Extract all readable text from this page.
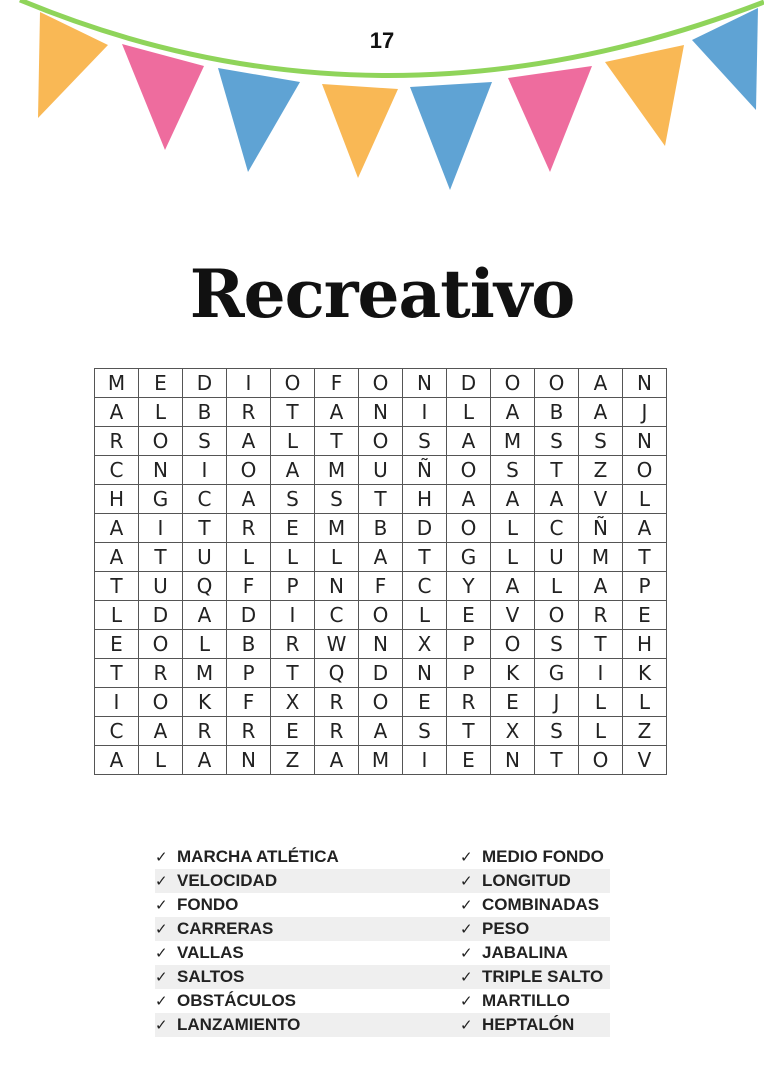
17
Recreativo
M	E	D	I	O	F	O	N	D	O	O	A	N
A	L	B	R	T	A	N	I	L	A	B	A	J
R	O	S	A	L	T	O	S	A	M	S	S	N
C	N	I	O	A	M	U	Ñ	O	S	T	Z	O
H	G	C	A	S	S	T	H	A	A	A	V	L
A	I	T	R	E	M	B	D	O	L	C	Ñ	A
A	T	U	L	L	L	A	T	G	L	U	M	T
T	U	Q	F	P	N	F	C	Y	A	L	A	P
L	D	A	D	I	C	O	L	E	V	O	R	E
E	O	L	B	R	W	N	X	P	O	S	T	H
T	R	M	P	T	Q	D	N	P	K	G	I	K
I	O	K	F	X	R	O	E	R	E	J	L	L
C	A	R	R	E	R	A	S	T	X	S	L	Z
A	L	A	N	Z	A	M	I	E	N	T	O	V
✓ MARCHA ATLÉTICA	✓ MEDIO FONDO
✓ VELOCIDAD	✓ LONGITUD
✓ FONDO	✓ COMBINADAS
✓ CARRERAS	✓ PESO
✓ VALLAS	✓ JABALINA
✓ SALTOS	✓ TRIPLE SALTO
✓ OBSTÁCULOS	✓ MARTILLO
✓ LANZAMIENTO	✓ HEPTALÓN
